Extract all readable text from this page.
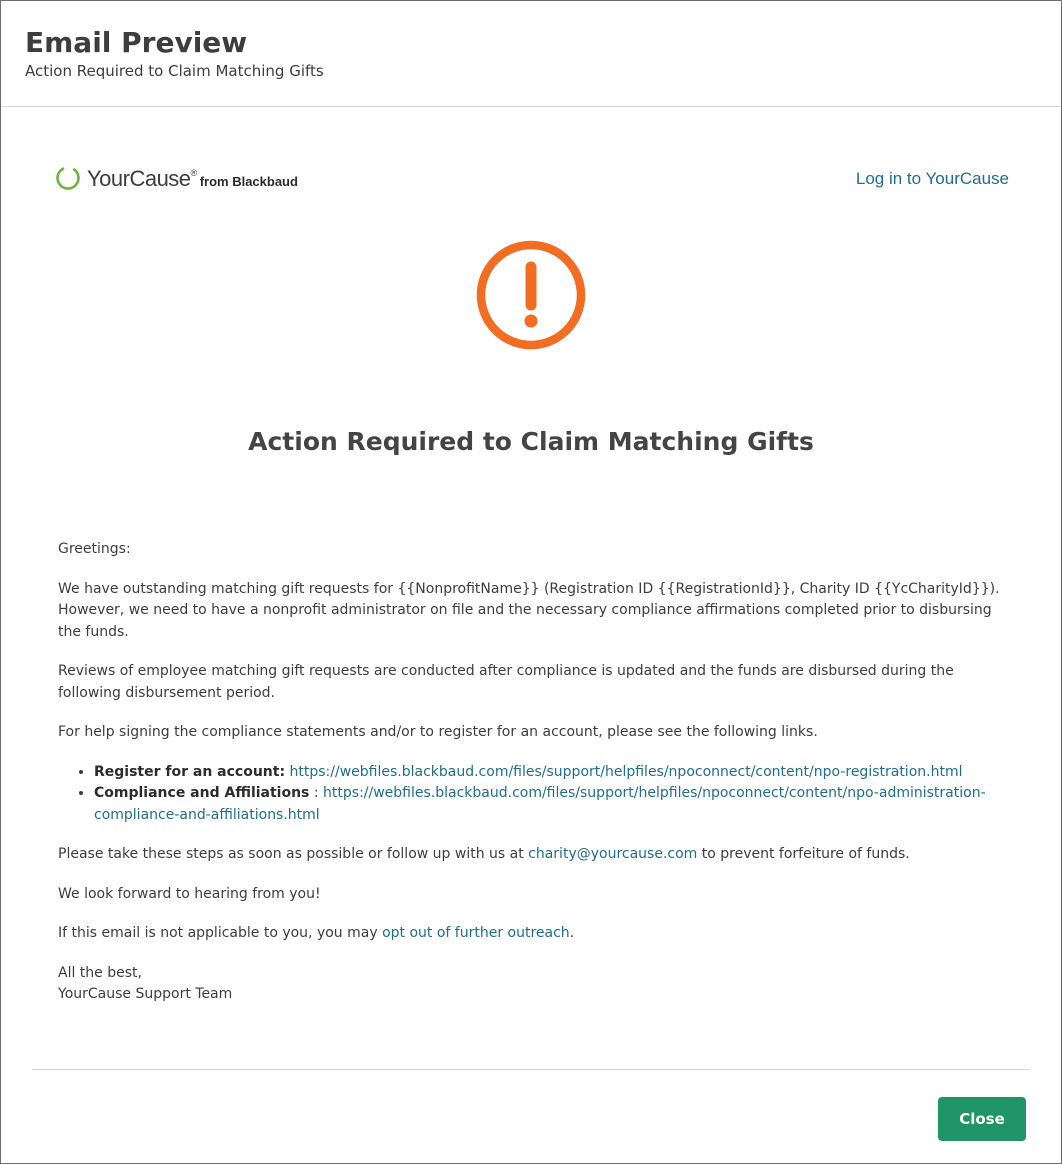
Email Preview
Action Required to Claim Matching Gifts
YourCause®
from Blackbaud	Log in to YourCause
Action Required to Claim Matching Gifts

Greetings:

We have outstanding matching gift requests for {{NonprofitName}} (Registration ID {{RegistrationId}}, Charity ID {{YcCharityId}}). However, we need to have a nonprofit administrator on file and the necessary compliance affirmations completed prior to disbursing the funds.

Reviews of employee matching gift requests are conducted after compliance is updated and the funds are disbursed during the following disbursement period.

For help signing the compliance statements and/or to register for an account, please see the following links.

• Register for an account: https://webfiles.blackbaud.com/files/support/helpfiles/npoconnect/content/npo-registration.html
• Compliance and Affiliations : https://webfiles.blackbaud.com/files/support/helpfiles/npoconnect/content/npo-administration-compliance-and-affiliations.html

Please take these steps as soon as possible or follow up with us at charity@yourcause.com to prevent forfeiture of funds.

We look forward to hearing from you!

If this email is not applicable to you, you may opt out of further outreach.

All the best,
YourCause Support Team

Close
